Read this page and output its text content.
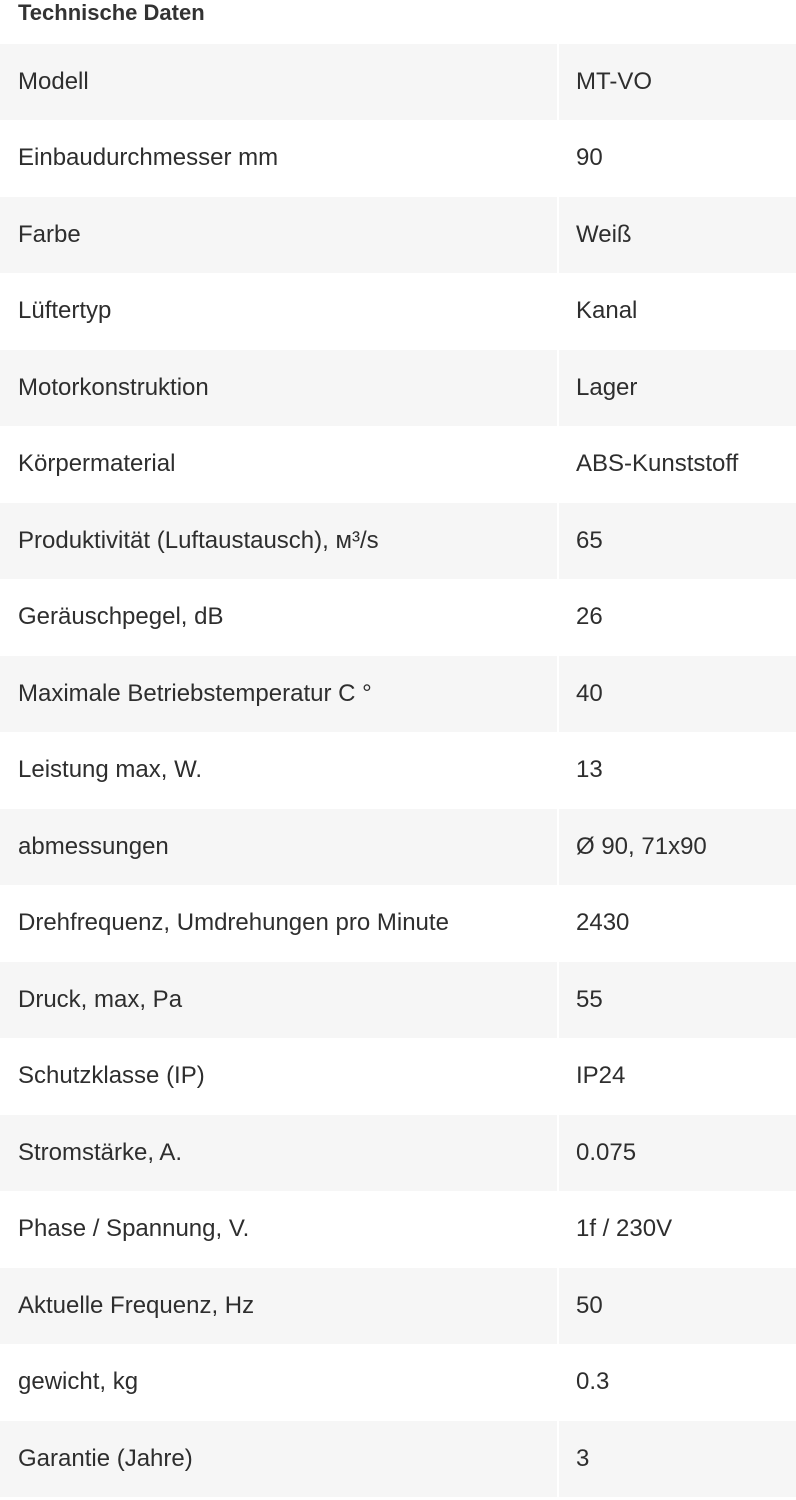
Technische Daten
Modell	MT-VO
Einbaudurchmesser mm	90
Farbe	Weiß
Lüftertyp	Kanal
Motorkonstruktion	Lager
Körpermaterial	ABS-Kunststoff
Produktivität (Luftaustausch), м³/s	65
Geräuschpegel, dB	26
Maximale Betriebstemperatur C °	40
Leistung max, W.	13
abmessungen	Ø 90, 71x90
Drehfrequenz, Umdrehungen pro Minute	2430
Druck, max, Pa	55
Schutzklasse (IP)	IP24
Stromstärke, A.	0.075
Phase / Spannung, V.	1f / 230V
Aktuelle Frequenz, Hz	50
gewicht, kg	0.3
Garantie (Jahre)	3
